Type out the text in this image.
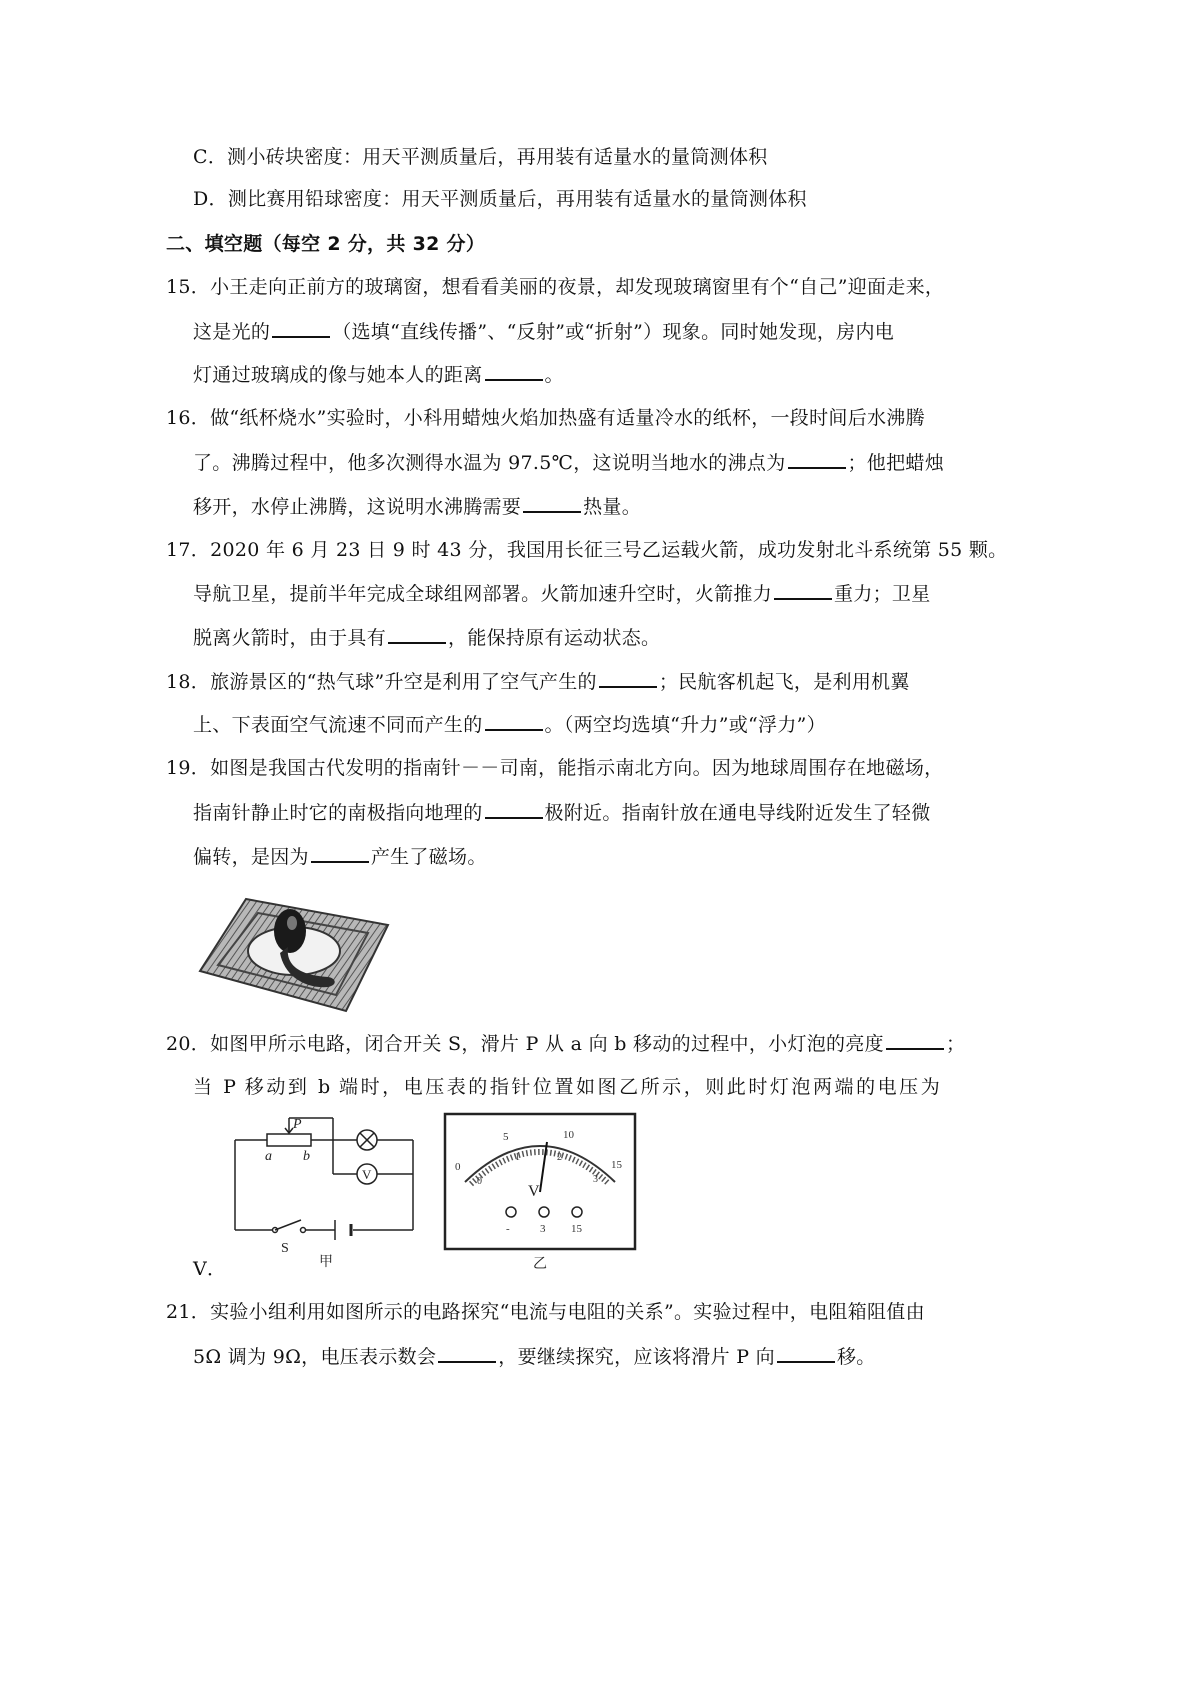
C．测小砖块密度：用天平测质量后，再用装有适量水的量筒测体积
D．测比赛用铅球密度：用天平测质量后，再用装有适量水的量筒测体积
二、填空题（每空 2 分，共 32 分）
15．小王走向正前方的玻璃窗，想看看美丽的夜景，却发现玻璃窗里有个“自己”迎面走来，
这是光的	（选填“直线传播”、“反射”或“折射”）现象。同时她发现，房内电
灯通过玻璃成的像与她本人的距离	。
16．做“纸杯烧水”实验时，小科用蜡烛火焰加热盛有适量冷水的纸杯，一段时间后水沸腾
了。沸腾过程中，他多次测得水温为 97.5℃，这说明当地水的沸点为	；他把蜡烛
移开，水停止沸腾，这说明水沸腾需要	热量。
17．2020 年 6 月 23 日 9 时 43 分，我国用长征三号乙运载火箭，成功发射北斗系统第 55 颗。
导航卫星，提前半年完成全球组网部署。火箭加速升空时，火箭推力	重力；卫星
脱离火箭时，由于具有	，能保持原有运动状态。
18．旅游景区的“热气球”升空是利用了空气产生的	；民航客机起飞，是利用机翼
上、下表面空气流速不同而产生的	。（两空均选填“升力”或“浮力”）
19．如图是我国古代发明的指南针－－司南，能指示南北方向。因为地球周围存在地磁场，
指南针静止时它的南极指向地理的	极附近。指南针放在通电导线附近发生了轻微
偏转，是因为	产生了磁场。
20．如图甲所示电路，闭合开关 S，滑片 P 从 a 向 b 移动的过程中，小灯泡的亮度	；
当 P 移动到 b 端时，电压表的指针位置如图乙所示，则此时灯泡两端的电压为
V
P
a b
S
甲
0
5	10
15
0
1	2
3
V
-	3 15
乙
V．
21．实验小组利用如图所示的电路探究“电流与电阻的关系”。实验过程中，电阻箱阻值由
5Ω 调为 9Ω，电压表示数会	，要继续探究，应该将滑片 P 向	移。
